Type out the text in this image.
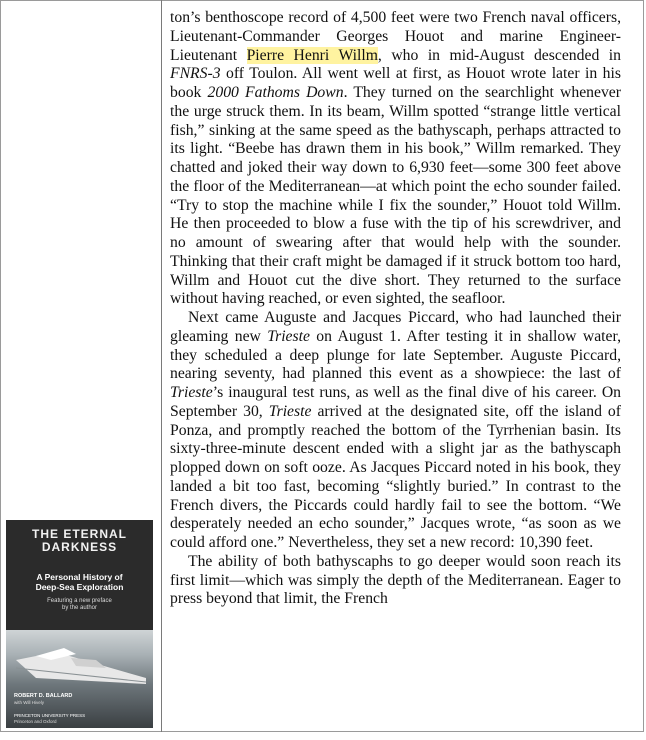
THE ETERNAL DARKNESS
A Personal History of
Deep-Sea Exploration
Featuring a new preface
by the author
ROBERT D. BALLARD
with Will Hively
PRINCETON UNIVERSITY PRESS
Princeton and Oxford

ton’s benthoscope record of 4,500 feet were two French naval officers, Lieutenant-Commander Georges Houot and marine Engineer-Lieutenant Pierre Henri Willm, who in mid-August descended in FNRS-3 off Toulon. All went well at first, as Houot wrote later in his book 2000 Fathoms Down. They turned on the searchlight whenever the urge struck them. In its beam, Willm spotted “strange little vertical fish,” sinking at the same speed as the bathyscaph, perhaps attracted to its light. “Beebe has drawn them in his book,” Willm remarked. They chatted and joked their way down to 6,930 feet—some 300 feet above the floor of the Mediterranean—at which point the echo sounder failed. “Try to stop the machine while I fix the sounder,” Houot told Willm. He then proceeded to blow a fuse with the tip of his screwdriver, and no amount of swearing after that would help with the sounder. Thinking that their craft might be damaged if it struck bottom too hard, Willm and Houot cut the dive short. They returned to the surface without having reached, or even sighted, the seafloor.

Next came Auguste and Jacques Piccard, who had launched their gleaming new Trieste on August 1. After testing it in shallow water, they scheduled a deep plunge for late September. Auguste Piccard, nearing seventy, had planned this event as a showpiece: the last of Trieste’s inaugural test runs, as well as the final dive of his career. On September 30, Trieste arrived at the designated site, off the island of Ponza, and promptly reached the bottom of the Tyrrhenian basin. Its sixty-three-minute descent ended with a slight jar as the bathyscaph plopped down on soft ooze. As Jacques Piccard noted in his book, they landed a bit too fast, becoming “slightly buried.” In contrast to the French divers, the Piccards could hardly fail to see the bottom. “We desperately needed an echo sounder,” Jacques wrote, “as soon as we could afford one.” Nevertheless, they set a new record: 10,390 feet.

The ability of both bathyscaphs to go deeper would soon reach its first limit—which was simply the depth of the Mediterranean. Eager to press beyond that limit, the French
